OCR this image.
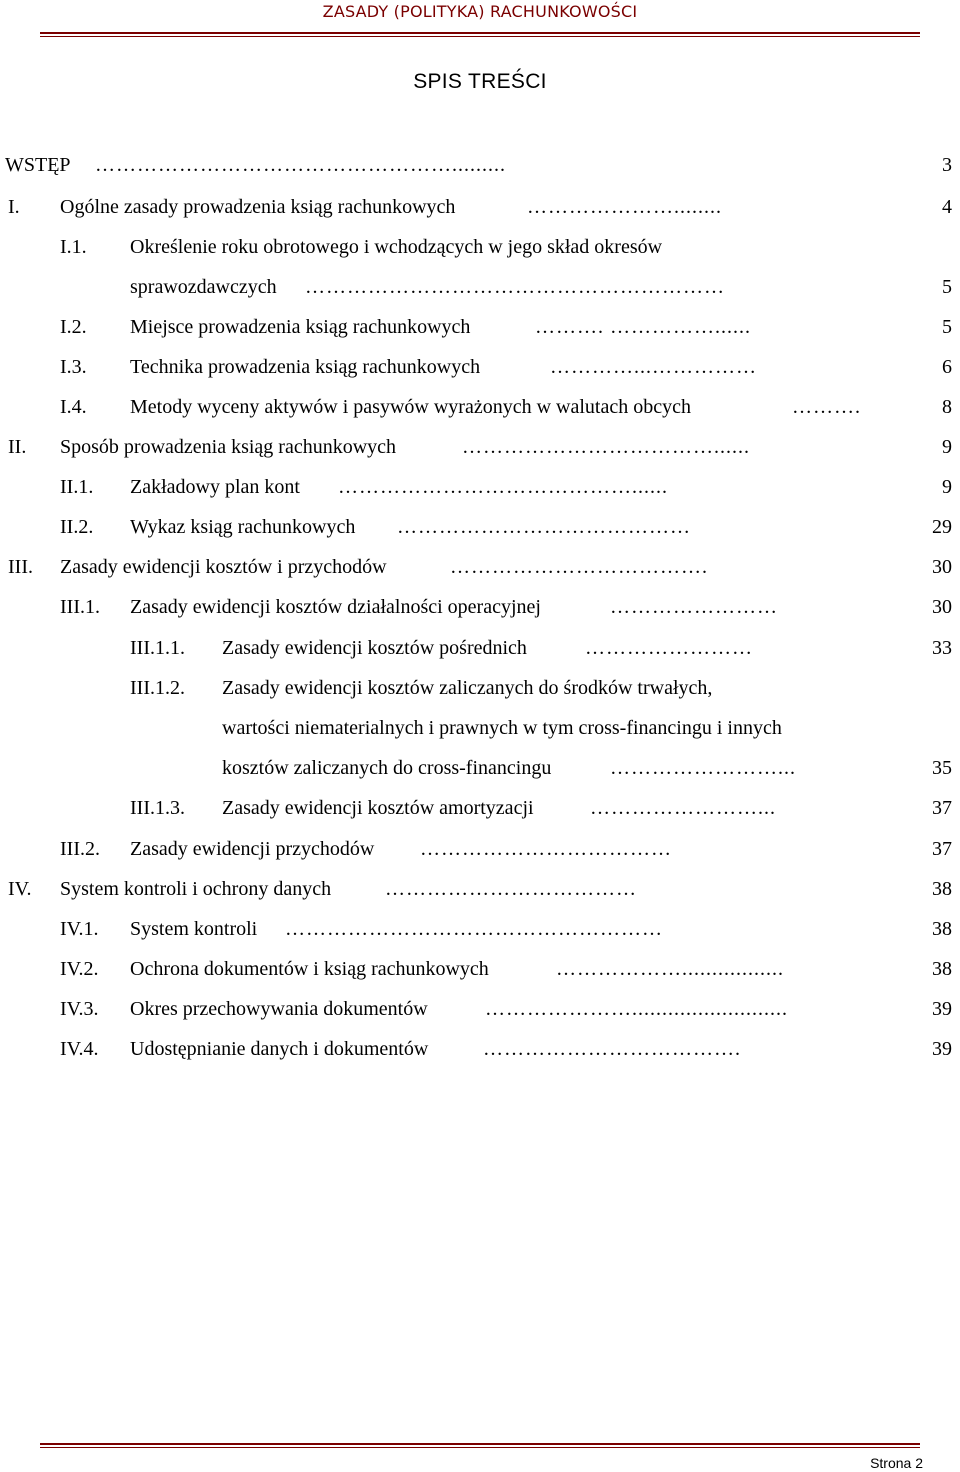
ZASADY (POLITYKA) RACHUNKOWOŚCI
SPIS TREŚCI
WSTĘP …………………………………………….........	3
I. Ogólne zasady prowadzenia ksiąg rachunkowych	…………………........	4
I.1. Określenie roku obrotowego i wchodzących w jego skład okresów
sprawozdawczych ……………………………………………………	5
I.2. Miejsce prowadzenia ksiąg rachunkowych	………. ……………......	5
I.3. Technika prowadzenia ksiąg rachunkowych	…………...……………	6
I.4. Metody wyceny aktywów i pasywów wyrażonych w walutach obcych	……….	8
II. Sposób prowadzenia ksiąg rachunkowych	………………………………......	9
II.1. Zakładowy plan kont ……………………………………......	9
II.2. Wykaz ksiąg rachunkowych ……………………………………	29
III. Zasady ewidencji kosztów i przychodów	……………………………….	30
III.1. Zasady ewidencji kosztów działalności operacyjnej	……………………	30
III.1.1. Zasady ewidencji kosztów pośrednich	……………………	33
III.1.2. Zasady ewidencji kosztów zaliczanych do środków trwałych,
wartości niematerialnych i prawnych w tym cross-financingu i innych
kosztów zaliczanych do cross-financingu	……………………...	35
III.1.3. Zasady ewidencji kosztów amortyzacji	……………………...	37
III.2. Zasady ewidencji przychodów ………………………………	37
IV. System kontroli i ochrony danych	………………………………	38
IV.1. System kontroli ………………………………………………	38
IV.2. Ochrona dokumentów i ksiąg rachunkowych	……………….................	38
IV.3. Okres przechowywania dokumentów	…………………..........................	39
IV.4. Udostępnianie danych i dokumentów	……………………………….	39
Strona 2
